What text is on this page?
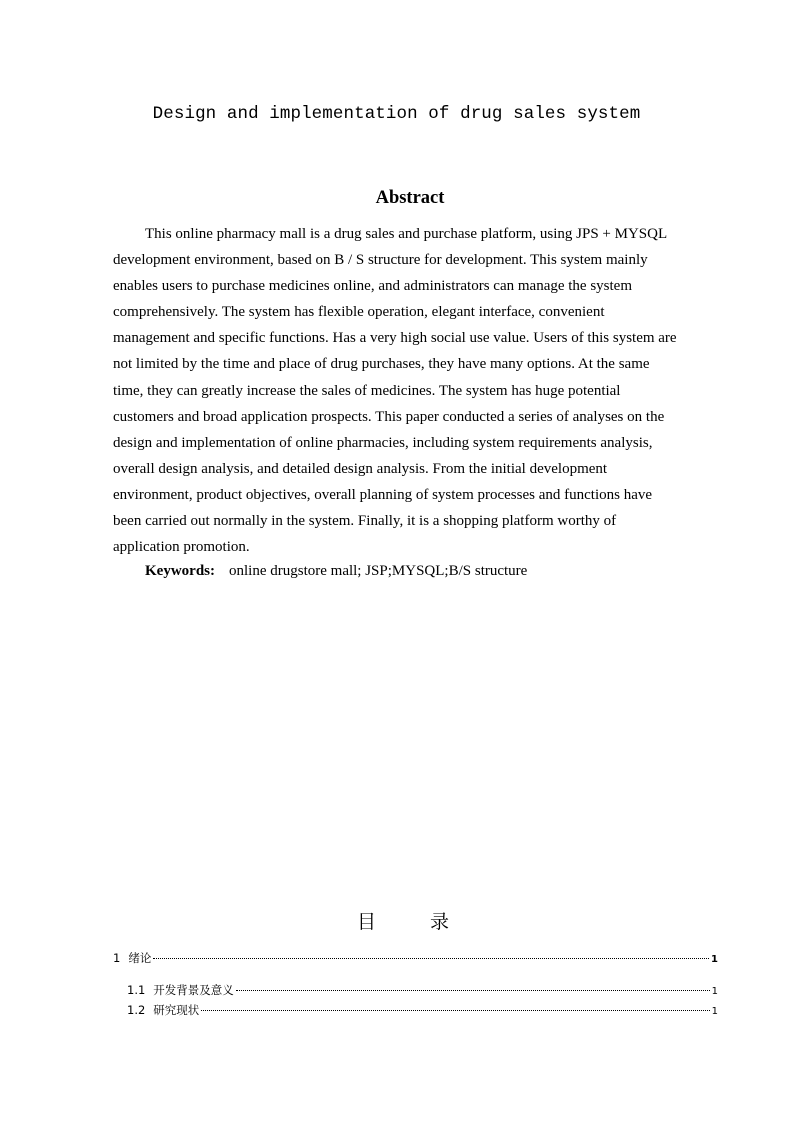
Design and implementation of drug sales system
Abstract
This online pharmacy mall is a drug sales and purchase platform, using JPS + MYSQL
development environment, based on B / S structure for development. This system mainly
enables users to purchase medicines online, and administrators can manage the system
comprehensively. The system has flexible operation, elegant interface, convenient
management and specific functions. Has a very high social use value. Users of this system are
not limited by the time and place of drug purchases, they have many options. At the same
time, they can greatly increase the sales of medicines. The system has huge potential
customers and broad application prospects. This paper conducted a series of analyses on the
design and implementation of online pharmacies, including system requirements analysis,
overall design analysis, and detailed design analysis. From the initial development
environment, product objectives, overall planning of system processes and functions have
been carried out normally in the system. Finally, it is a shopping platform worthy of
application promotion.
Keywords: online drugstore mall; JSP;MYSQL;B/S structure
目 录
1 绪论	1
1.1 开发背景及意义	1
1.2 研究现状	1
